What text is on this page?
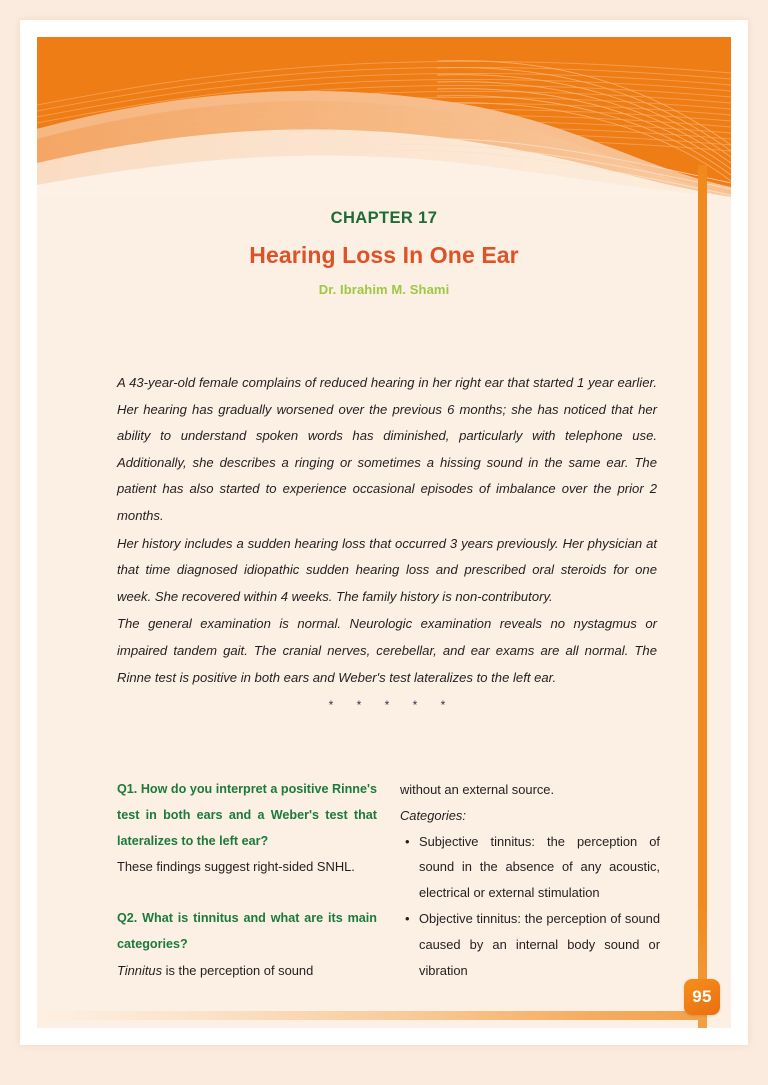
95
CHAPTER 17
Hearing Loss In One Ear
Dr. Ibrahim M. Shami

A 43-year-old female complains of reduced hearing in her right ear that started 1 year earlier. Her hearing has gradually worsened over the previous 6 months; she has noticed that her ability to understand spoken words has diminished, particularly with telephone use. Additionally, she describes a ringing or sometimes a hissing sound in the same ear. The patient has also started to experience occasional episodes of imbalance over the prior 2 months.

Her history includes a sudden hearing loss that occurred 3 years previously. Her physician at that time diagnosed idiopathic sudden hearing loss and prescribed oral steroids for one week. She recovered within 4 weeks. The family history is non-contributory.

The general examination is normal. Neurologic examination reveals no nystagmus or impaired tandem gait. The cranial nerves, cerebellar, and ear exams are all normal. The Rinne test is positive in both ears and Weber's test lateralizes to the left ear.

* * * * *

Q1. How do you interpret a positive Rinne's test in both ears and a Weber's test that lateralizes to the left ear?

These findings suggest right-sided SNHL.

Q2. What is tinnitus and what are its main categories?

Tinnitus is the perception of sound

without an external source.

Categories:

• Subjective tinnitus: the perception of sound in the absence of any acoustic, electrical or external stimulation
• Objective tinnitus: the perception of sound caused by an internal body sound or vibration
